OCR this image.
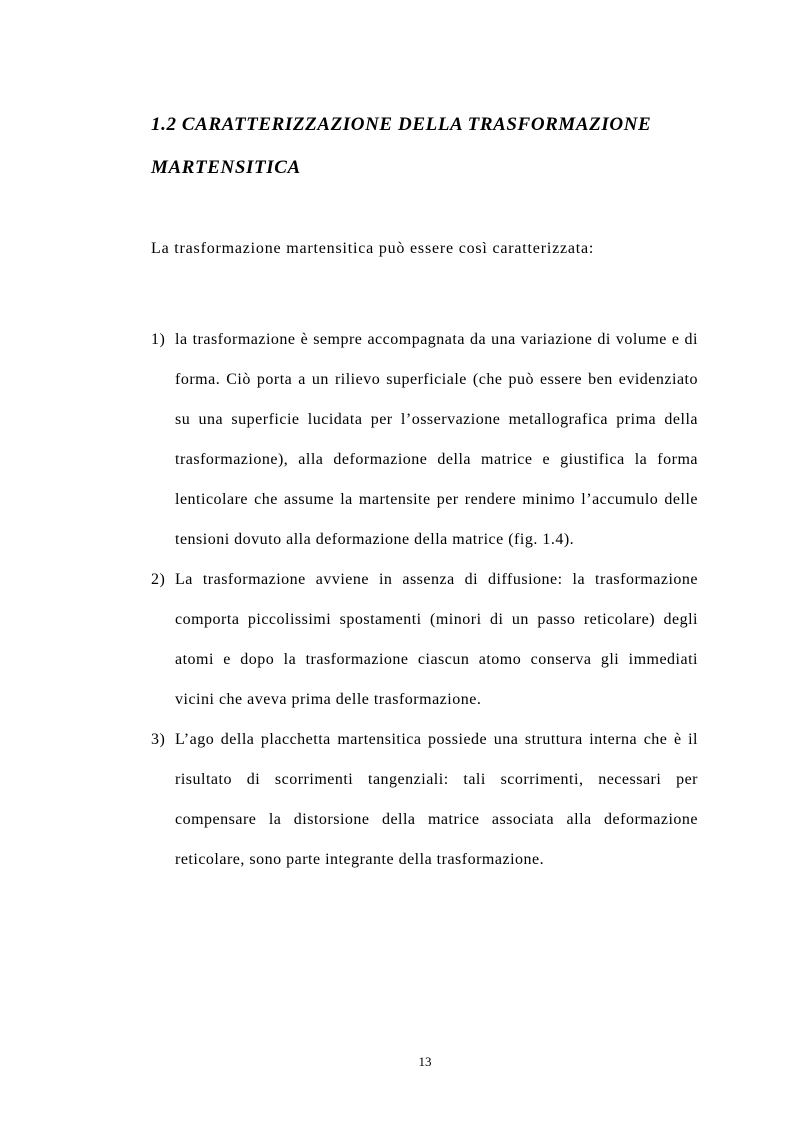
1.2 CARATTERIZZAZIONE DELLA TRASFORMAZIONE
MARTENSITICA

La trasformazione martensitica può essere così caratterizzata:

1) la trasformazione è sempre accompagnata da una variazione di volume e di forma. Ciò porta a un rilievo superficiale (che può essere ben evidenziato su una superficie lucidata per l’osservazione metallografica prima della trasformazione), alla deformazione della matrice e giustifica la forma lenticolare che assume la martensite per rendere minimo l’accumulo delle tensioni dovuto alla deformazione della matrice (fig. 1.4).
2) La trasformazione avviene in assenza di diffusione: la trasformazione comporta piccolissimi spostamenti (minori di un passo reticolare) degli atomi e dopo la trasformazione ciascun atomo conserva gli immediati vicini che aveva prima delle trasformazione.
3) L’ago della placchetta martensitica possiede una struttura interna che è il risultato di scorrimenti tangenziali: tali scorrimenti, necessari per compensare la distorsione della matrice associata alla deformazione reticolare, sono parte integrante della trasformazione.

13
